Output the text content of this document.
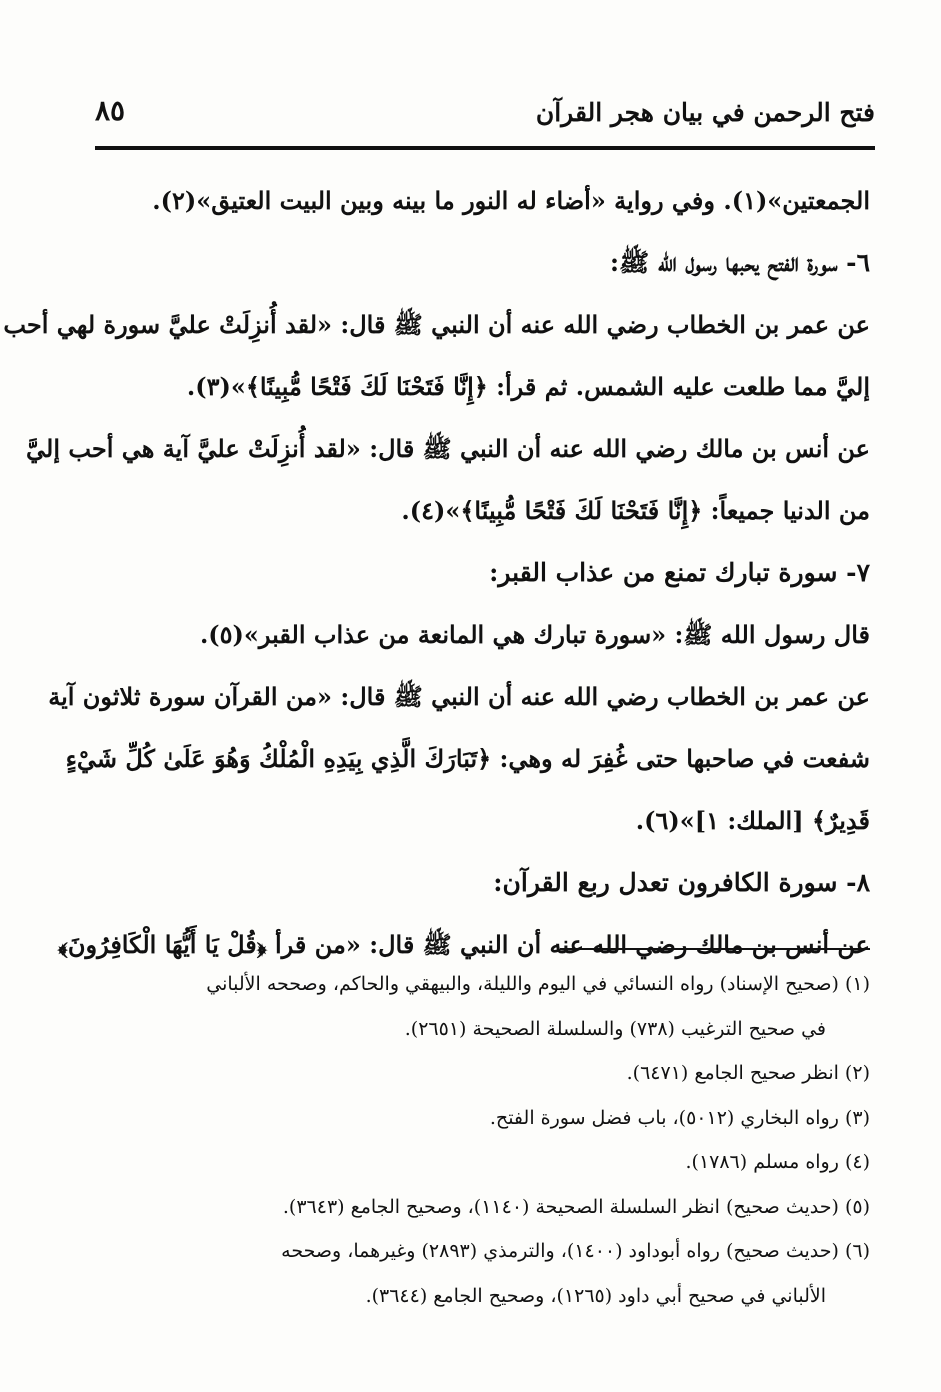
فتح الرحمن في بيان هجر القرآن
٨٥
الجمعتين»(١). وفي رواية «أضاء له النور ما بينه وبين البيت العتيق»(٢).
٦- سورة الفتح يحبها رسول الله ﷺ:
عن عمر بن الخطاب رضي الله عنه أن النبي ﷺ قال: «لقد أُنزِلَتْ عليَّ سورة لهي أحب
إليَّ مما طلعت عليه الشمس. ثم قرأ: ﴿إِنَّا فَتَحْنَا لَكَ فَتْحًا مُّبِينًا﴾»(٣).
عن أنس بن مالك رضي الله عنه أن النبي ﷺ قال: «لقد أُنزِلَتْ عليَّ آية هي أحب إليَّ
من الدنيا جميعاً: ﴿إِنَّا فَتَحْنَا لَكَ فَتْحًا مُّبِينًا﴾»(٤).
٧- سورة تبارك تمنع من عذاب القبر:
قال رسول الله ﷺ: «سورة تبارك هي المانعة من عذاب القبر»(٥).
عن عمر بن الخطاب رضي الله عنه أن النبي ﷺ قال: «من القرآن سورة ثلاثون آية
شفعت في صاحبها حتى غُفِرَ له وهي: ﴿تَبَارَكَ الَّذِي بِيَدِهِ الْمُلْكُ وَهُوَ عَلَىٰ كُلِّ شَيْءٍ
قَدِيرٌ﴾ [الملك: ١]»(٦).
٨- سورة الكافرون تعدل ربع القرآن:
عن أنس بن مالك رضي الله عنه أن النبي ﷺ قال: «من قرأ ﴿قُلْ يَا أَيُّهَا الْكَافِرُونَ﴾
(١) (صحيح الإسناد) رواه النسائي في اليوم والليلة، والبيهقي والحاكم، وصححه الألباني
في صحيح الترغيب (٧٣٨) والسلسلة الصحيحة (٢٦٥١).
(٢) انظر صحيح الجامع (٦٤٧١).
(٣) رواه البخاري (٥٠١٢)، باب فضل سورة الفتح.
(٤) رواه مسلم (١٧٨٦).
(٥) (حديث صحيح) انظر السلسلة الصحيحة (١١٤٠)، وصحيح الجامع (٣٦٤٣).
(٦) (حديث صحيح) رواه أبوداود (١٤٠٠)، والترمذي (٢٨٩٣) وغيرهما، وصححه
الألباني في صحيح أبي داود (١٢٦٥)، وصحيح الجامع (٣٦٤٤).
